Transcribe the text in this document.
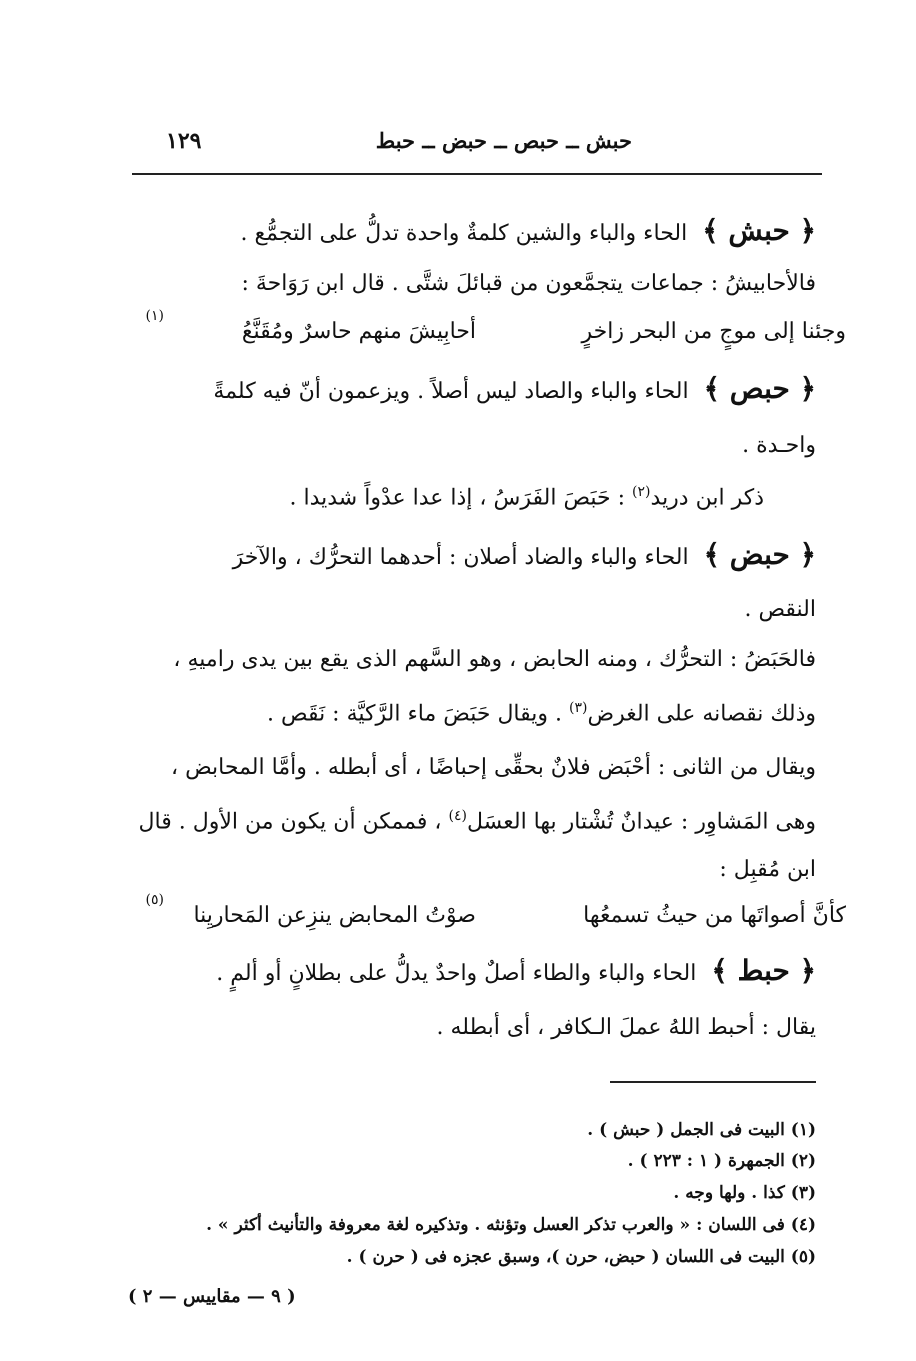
١٢٩	حبش ــ حبص ــ حبض ــ حبط
﴿ حبش ﴾ الحاء والباء والشين كلمةٌ واحدة تدلُّ على التجمُّع .
فالأحابيشُ : جماعات يتجمَّعون من قبائلَ شتَّى . قال ابن رَوَاحةَ :
وجئنا إلى موجٍ من البحر زاخرٍ
أحابِيشَ منهم حاسرٌ ومُقَنَّعُ
(١)
﴿ حبص ﴾ الحاء والباء والصاد ليس أصلاً . ويزعمون أنّ فيه كلمةً
واحـدة .
ذكر ابن دريد$^{(٢)}$ : حَبَصَ الفَرَسُ ، إذا عدا عدْواً شديدا .
﴿ حبض ﴾ الحاء والباء والضاد أصلان : أحدهما التحرُّك ، والآخرَ
النقص .
فالحَبَضُ : التحرُّك ، ومنه الحابض ، وهو السَّهم الذى يقع بين يدى راميهِ ،
وذلك نقصانه على الغرض$^{(٣)}$ . ويقال حَبَضَ ماء الرَّكيَّة : نَقَص .
ويقال من الثانى : أحْبَض فلانٌ بحقِّى إحباضًا ، أى أبطله . وأمَّا المحابض ،
وهى المَشاوِر : عيدانٌ تُشْتار بها العسَل$^{(٤)}$ ، فممكن أن يكون من الأول . قال
ابن مُقبِل :
كأنَّ أصواتَها من حيثُ تسمعُها
صوْتُ المحابض ينزِعن المَحاريِنا
(٥)
﴿ حبط ﴾ الحاء والباء والطاء أصلٌ واحدٌ يدلُّ على بطلانٍ أو ألمٍ .
يقال : أحبط اللهُ عملَ الـكافر ، أى أبطله .
(١) البيت فى الجمل ( حبش ) .
(٢) الجمهرة ( ١ : ٢٢٣ ) .
(٣) كذا . ولها وجه .
(٤) فى اللسان : « والعرب تذكر العسل وتؤنثه . وتذكيره لغة معروفة والتأنيث أكثر » .
(٥) البيت فى اللسان ( حبض، حرن )، وسبق عجزه فى ( حرن ) .
( ٩ — مقاييس — ٢ )
